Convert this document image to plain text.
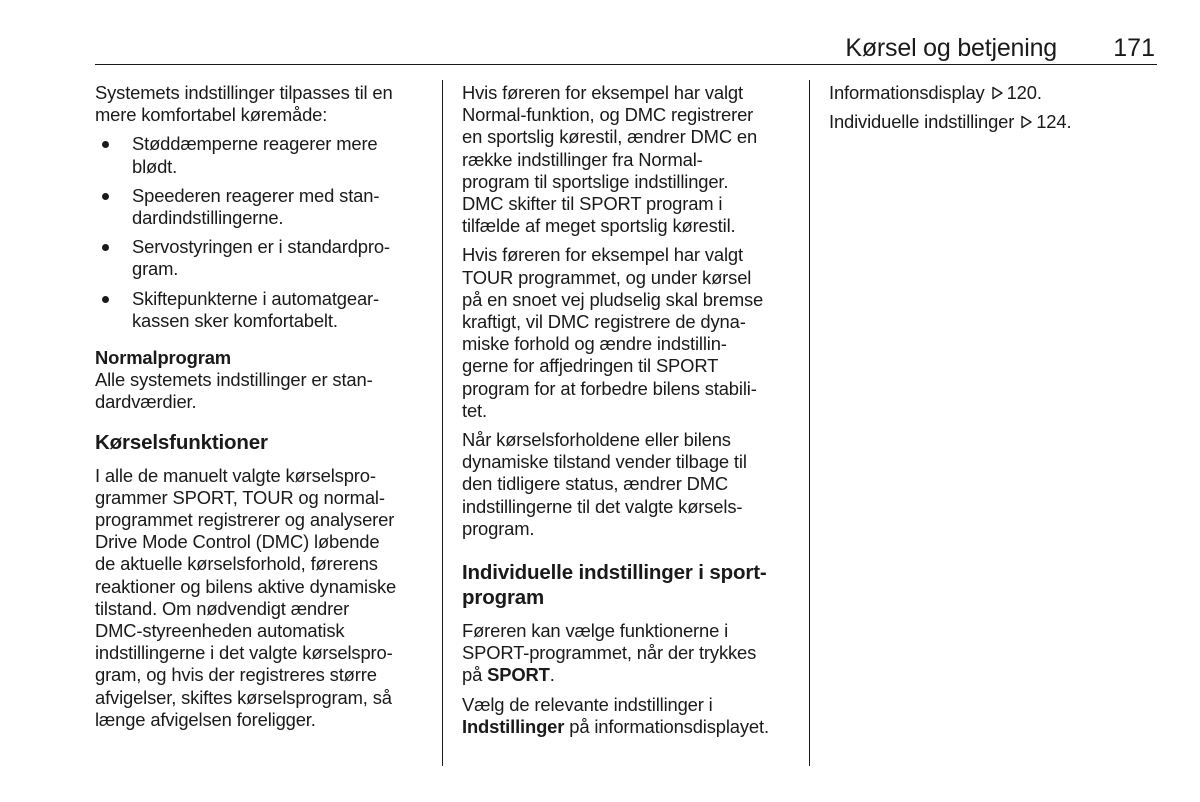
Kørsel og betjening 171

Systemets indstillinger tilpasses til en
mere komfortabel køremåde:

Støddæmperne reagerer mere
blødt.
Speederen reagerer med stan-
dardindstillingerne.
Servostyringen er i standardpro-
gram.
Skiftepunkterne i automatgear-
kassen sker komfortabelt.
Normalprogram

Alle systemets indstillinger er stan-
dardværdier.

Kørselsfunktioner

I alle de manuelt valgte kørselspro-
grammer SPORT, TOUR og normal-
programmet registrerer og analyserer
Drive Mode Control (DMC) løbende
de aktuelle kørselsforhold, førerens
reaktioner og bilens aktive dynamiske
tilstand. Om nødvendigt ændrer
DMC-styreenheden automatisk
indstillingerne i det valgte kørselspro-
gram, og hvis der registreres større
afvigelser, skiftes kørselsprogram, så
længe afvigelsen foreligger.

Hvis føreren for eksempel har valgt
Normal-funktion, og DMC registrerer
en sportslig kørestil, ændrer DMC en
række indstillinger fra Normal-
program til sportslige indstillinger.
DMC skifter til SPORT program i
tilfælde af meget sportslig kørestil.

Hvis føreren for eksempel har valgt
TOUR programmet, og under kørsel
på en snoet vej pludselig skal bremse
kraftigt, vil DMC registrere de dyna-
miske forhold og ændre indstillin-
gerne for affjedringen til SPORT
program for at forbedre bilens stabili-
tet.

Når kørselsforholdene eller bilens
dynamiske tilstand vender tilbage til
den tidligere status, ændrer DMC
indstillingerne til det valgte kørsels-
program.

Individuelle indstillinger i sport-
program

Føreren kan vælge funktionerne i
SPORT-programmet, når der trykkes
på SPORT.

Vælg de relevante indstillinger i
Indstillinger på informationsdisplayet.

Informationsdisplay 120.

Individuelle indstillinger 124.
